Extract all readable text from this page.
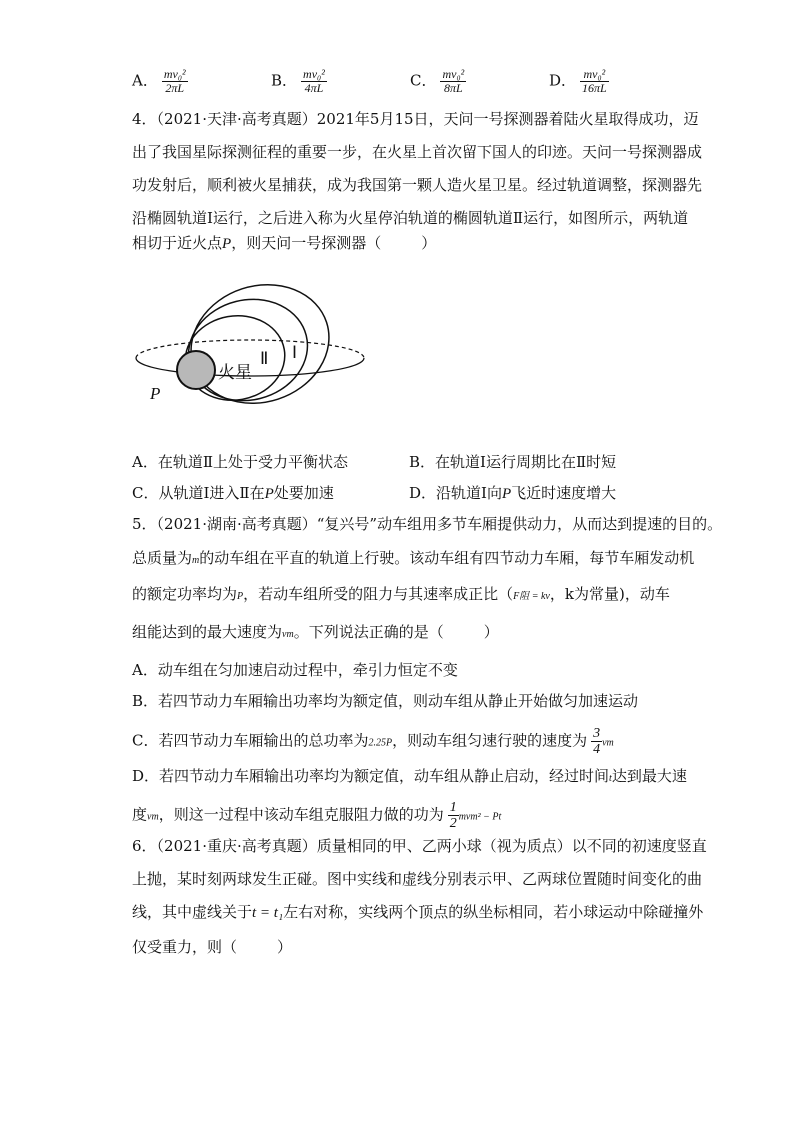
A． $\frac{\text{mv₀²}}{2\pi L}$	B． $\frac{\text{mv₀²}}{4\pi L}$	C． $\frac{\text{mv₀²}}{8\pi L}$	D． $\frac{\text{mv₀²}}{16\pi L}$
4．（2021·天津·高考真题）2021年5月15日，天问一号探测器着陆火星取得成功，迈
出了我国星际探测征程的重要一步，在火星上首次留下国人的印迹。天问一号探测器成
功发射后，顺利被火星捕获，成为我国第一颗人造火星卫星。经过轨道调整，探测器先
沿椭圆轨道Ⅰ运行，之后进入称为火星停泊轨道的椭圆轨道Ⅱ运行，如图所示，两轨道
相切于近火点P，则天问一号探测器（	）
火星
Ⅱ Ⅰ
P
A．在轨道Ⅱ上处于受力平衡状态	B．在轨道Ⅰ运行周期比在Ⅱ时短
C．从轨道Ⅰ进入Ⅱ在P处要加速	D．沿轨道Ⅰ向P飞近时速度增大
5．（2021·湖南·高考真题）“复兴号”动车组用多节车厢提供动力，从而达到提速的目的。
总质量为m的动车组在平直的轨道上行驶。该动车组有四节动力车厢，每节车厢发动机
的额定功率均为P，若动车组所受的阻力与其速率成正比（F阻 = kv，k为常量)，动车
组能达到的最大速度为vm。下列说法正确的是（	）
A．动车组在匀加速启动过程中，牵引力恒定不变
B．若四节动力车厢输出功率均为额定值，则动车组从静止开始做匀加速运动
C．若四节动力车厢输出的总功率为2.25P，则动车组匀速行驶的速度为 $\frac{3}{4}$ vm
D．若四节动力车厢输出功率均为额定值，动车组从静止启动，经过时间t达到最大速
度vm，则这一过程中该动车组克服阻力做的功为 $\frac{1}{2} mvm^2 - Pt$
6．（2021·重庆·高考真题）质量相同的甲、乙两小球（视为质点）以不同的初速度竖直
上抛，某时刻两球发生正碰。图中实线和虚线分别表示甲、乙两球位置随时间变化的曲
线，其中虚线关于t = t₁左右对称，实线两个顶点的纵坐标相同，若小球运动中除碰撞外
仅受重力，则（	）
